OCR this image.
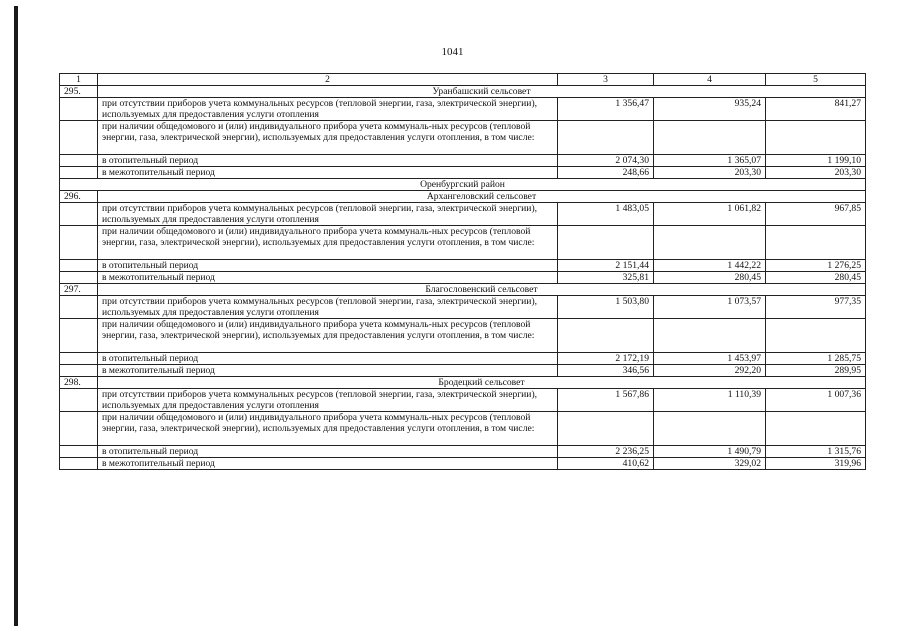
1041
1	2	3	4	5
295.	Уранбашский сельсовет			
	при отсутствии приборов учета коммунальных ресурсов (тепловой энергии, газа, электрической энергии), используемых для предоставления услуги отопления	1 356,47	935,24	841,27
	при наличии общедомового и (или) индивидуального прибора учета коммуналь-ных ресурсов (тепловой энергии, газа, электрической энергии), используемых для предоставления услуги отопления, в том числе:			
	в отопительный период	2 074,30	1 365,07	1 199,10
	в межотопительный период	248,66	203,30	203,30
Оренбургский район				
296.	Архангеловский сельсовет			
	при отсутствии приборов учета коммунальных ресурсов (тепловой энергии, газа, электрической энергии), используемых для предоставления услуги отопления	1 483,05	1 061,82	967,85
	при наличии общедомового и (или) индивидуального прибора учета коммуналь-ных ресурсов (тепловой энергии, газа, электрической энергии), используемых для предоставления услуги отопления, в том числе:			
	в отопительный период	2 151,44	1 442,22	1 276,25
	в межотопительный период	325,81	280,45	280,45
297.	Благословенский сельсовет			
	при отсутствии приборов учета коммунальных ресурсов (тепловой энергии, газа, электрической энергии), используемых для предоставления услуги отопления	1 503,80	1 073,57	977,35
	при наличии общедомового и (или) индивидуального прибора учета коммуналь-ных ресурсов (тепловой энергии, газа, электрической энергии), используемых для предоставления услуги отопления, в том числе:			
	в отопительный период	2 172,19	1 453,97	1 285,75
	в межотопительный период	346,56	292,20	289,95
298.	Бродецкий сельсовет			
	при отсутствии приборов учета коммунальных ресурсов (тепловой энергии, газа, электрической энергии), используемых для предоставления услуги отопления	1 567,86	1 110,39	1 007,36
	при наличии общедомового и (или) индивидуального прибора учета коммуналь-ных ресурсов (тепловой энергии, газа, электрической энергии), используемых для предоставления услуги отопления, в том числе:			
	в отопительный период	2 236,25	1 490,79	1 315,76
	в межотопительный период	410,62	329,02	319,96
